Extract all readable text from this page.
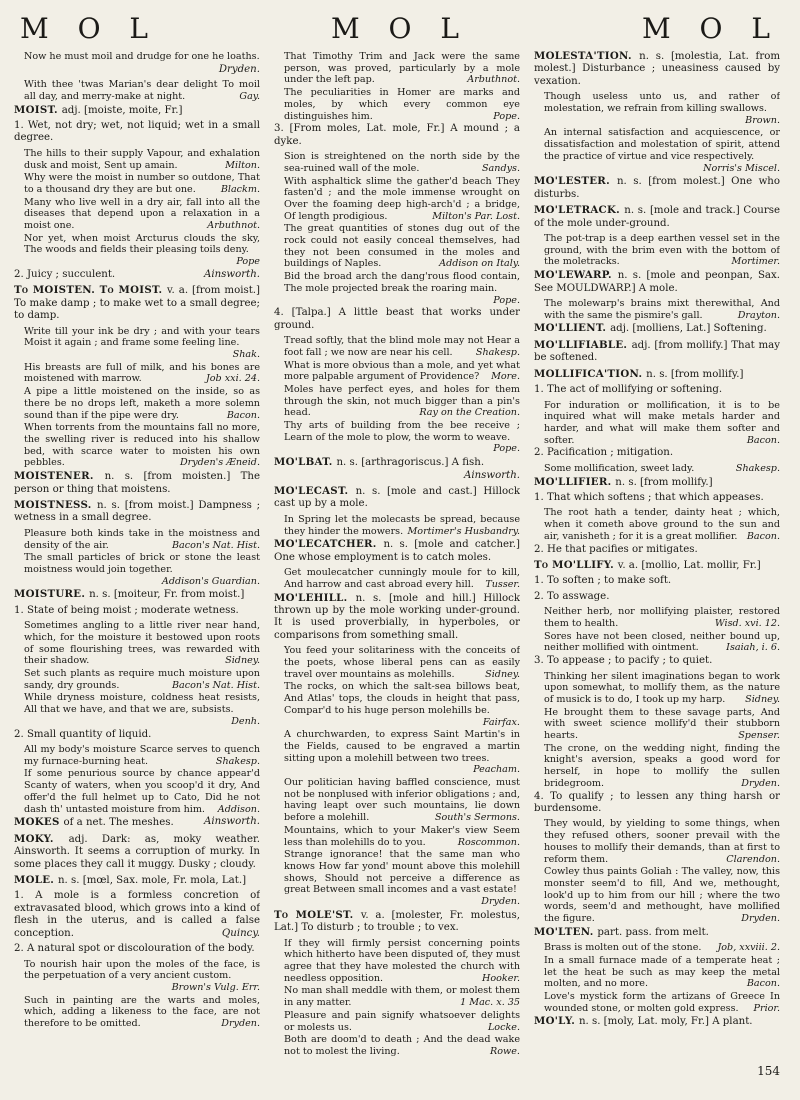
M O L	M O L	M O L
Now he must moil and drudge for one he loaths.
Dryden.
With thee 'twas Marian's dear delight To moil all day, and merry-make at night.	Gay.
MOIST. adj. [moiste, moite, Fr.]
1. Wet, not dry; wet, not liquid; wet in a small degree.
The hills to their supply Vapour, and exhalation dusk and moist, Sent up amain.	Milton.
Why were the moist in number so outdone, That to a thousand dry they are but one.	Blackm.
Many who live well in a dry air, fall into all the diseases that depend upon a relaxation in a moist one.	Arbuthnot.
Nor yet, when moist Arcturus clouds the sky, The woods and fields their pleasing toils deny.
Pope
2. Juicy ; succulent.	Ainsworth.
To MOISTEN. To MOIST. v. a. [from moist.] To make damp ; to make wet to a small degree; to damp.
Write till your ink be dry ; and with your tears Moist it again ; and frame some feeling line.
Shak.
His breasts are full of milk, and his bones are moistened with marrow.	Job xxi. 24.
A pipe a little moistened on the inside, so as there be no drops left, maketh a more solemn sound than if the pipe were dry.	Bacon.
When torrents from the mountains fall no more, the swelling river is reduced into his shallow bed, with scarce water to moisten his own pebbles.	Dryden's Æneid.
MOISTENER. n. s. [from moisten.] The person or thing that moistens.
MOISTNESS. n. s. [from moist.] Dampness ; wetness in a small degree.
Pleasure both kinds take in the moistness and density of the air.	Bacon's Nat. Hist.
The small particles of brick or stone the least moistness would join together.
Addison's Guardian.
MOISTURE. n. s. [moiteur, Fr. from moist.]
1. State of being moist ; moderate wetness.
Sometimes angling to a little river near hand, which, for the moisture it bestowed upon roots of some flourishing trees, was rewarded with their shadow.	Sidney.
Set such plants as require much moisture upon sandy, dry grounds.	Bacon's Nat. Hist.
While dryness moisture, coldness heat resists, All that we have, and that we are, subsists.
Denh.
2. Small quantity of liquid.
All my body's moisture Scarce serves to quench my furnace-burning heat.	Shakesp.
If some penurious source by chance appear'd Scanty of waters, when you scoop'd it dry, And offer'd the full helmet up to Cato, Did he not dash th' untasted moisture from him.	Addison.
MOKES of a net. The meshes.	Ainsworth.
MOKY. adj. Dark: as, moky weather. Ainsworth. It seems a corruption of murky. In some places they call it muggy. Dusky ; cloudy.
MOLE. n. s. [mœl, Sax. mole, Fr. mola, Lat.]
1. A mole is a formless concretion of extravasated blood, which grows into a kind of flesh in the uterus, and is called a false conception.	Quincy.
2. A natural spot or discolouration of the body.
To nourish hair upon the moles of the face, is the perpetuation of a very ancient custom.
Brown's Vulg. Err.
Such in painting are the warts and moles, which, adding a likeness to the face, are not therefore to be omitted.	Dryden.
That Timothy Trim and Jack were the same person, was proved, particularly by a mole under the left pap.	Arbuthnot.
The peculiarities in Homer are marks and moles, by which every common eye distinguishes him.	Pope.
3. [From moles, Lat. mole, Fr.] A mound ; a dyke.
Sion is streightened on the north side by the sea-ruined wall of the mole.	Sandys.
With asphaltick slime the gather'd beach They fasten'd ; and the mole immense wrought on Over the foaming deep high-arch'd ; a bridge, Of length prodigious.	Milton's Par. Lost.
The great quantities of stones dug out of the rock could not easily conceal themselves, had they not been consumed in the moles and buildings of Naples.	Addison on Italy.
Bid the broad arch the dang'rous flood contain, The mole projected break the roaring main.
Pope.
4. [Talpa.] A little beast that works under ground.
Tread softly, that the blind mole may not Hear a foot fall ; we now are near his cell.	Shakesp.
What is more obvious than a mole, and yet what more palpable argument of Providence?	More.
Moles have perfect eyes, and holes for them through the skin, not much bigger than a pin's head.	Ray on the Creation.
Thy arts of building from the bee receive ; Learn of the mole to plow, the worm to weave.
Pope.
MO'LBAT. n. s. [arthragoriscus.] A fish.
Ainsworth.
MO'LECAST. n. s. [mole and cast.] Hillock cast up by a mole.
In Spring let the molecasts be spread, because they hinder the mowers. Mortimer's Husbandry.
MO'LECATCHER. n. s. [mole and catcher.] One whose employment is to catch moles.
Get moulecatcher cunningly moule for to kill, And harrow and cast abroad every hill.	Tusser.
MO'LEHILL. n. s. [mole and hill.] Hillock thrown up by the mole working under-ground. It is used proverbially, in hyperboles, or comparisons from something small.
You feed your solitariness with the conceits of the poets, whose liberal pens can as easily travel over mountains as molehills.	Sidney.
The rocks, on which the salt-sea billows beat, And Atlas' tops, the clouds in height that pass, Compar'd to his huge person molehills be.
Fairfax.
A churchwarden, to express Saint Martin's in the Fields, caused to be engraved a martin sitting upon a molehill between two trees.
Peacham.
Our politician having baffled conscience, must not be nonplused with inferior obligations ; and, having leapt over such mountains, lie down before a molehill.	South's Sermons.
Mountains, which to your Maker's view Seem less than molehills do to you.	Roscommon.
Strange ignorance! that the same man who knows How far yond' mount above this molehill shows, Should not perceive a difference as great Between small incomes and a vast estate!
Dryden.
To MOLE'ST. v. a. [molester, Fr. molestus, Lat.] To disturb ; to trouble ; to vex.
If they will firmly persist concerning points which hitherto have been disputed of, they must agree that they have molested the church with needless opposition.	Hooker.
No man shall meddle with them, or molest them in any matter.	1 Mac. x. 35
Pleasure and pain signify whatsoever delights or molests us.	Locke.
Both are doom'd to death ; And the dead wake not to molest the living.	Rowe.
MOLESTA'TION. n. s. [molestia, Lat. from molest.] Disturbance ; uneasiness caused by vexation.
Though useless unto us, and rather of molestation, we refrain from killing swallows.
Brown.
An internal satisfaction and acquiescence, or dissatisfaction and molestation of spirit, attend the practice of virtue and vice respectively.
Norris's Miscel.
MO'LESTER. n. s. [from molest.] One who disturbs.
MO'LETRACK. n. s. [mole and track.] Course of the mole under-ground.
The pot-trap is a deep earthen vessel set in the ground, with the brim even with the bottom of the moletracks.	Mortimer.
MO'LEWARP. n. s. [mole and peonpan, Sax. See MOULDWARP.] A mole.
The molewarp's brains mixt therewithal, And with the same the pismire's gall.	Drayton.
MO'LLIENT. adj. [molliens, Lat.] Softening.
MO'LLIFIABLE. adj. [from mollify.] That may be softened.
MOLLIFICA'TION. n. s. [from mollify.]
1. The act of mollifying or softening.
For induration or mollification, it is to be inquired what will make metals harder and harder, and what will make them softer and softer.	Bacon.
2. Pacification ; mitigation.
Some mollification, sweet lady.	Shakesp.
MO'LLIFIER. n. s. [from mollify.]
1. That which softens ; that which appeases.
The root hath a tender, dainty heat ; which, when it cometh above ground to the sun and air, vanisheth ; for it is a great mollifier. Bacon.
2. He that pacifies or mitigates.
To MO'LLIFY. v. a. [mollio, Lat. mollir, Fr.]
1. To soften ; to make soft.
2. To asswage.
Neither herb, nor mollifying plaister, restored them to health.	Wisd. xvi. 12.
Sores have not been closed, neither bound up, neither mollified with ointment.	Isaiah, i. 6.
3. To appease ; to pacify ; to quiet.
Thinking her silent imaginations began to work upon somewhat, to mollify them, as the nature of musick is to do, I took up my harp.	Sidney.
He brought them to these savage parts, And with sweet science mollify'd their stubborn hearts.	Spenser.
The crone, on the wedding night, finding the knight's aversion, speaks a good word for herself, in hope to mollify the sullen bridegroom.	Dryden.
4. To qualify ; to lessen any thing harsh or burdensome.
They would, by yielding to some things, when they refused others, sooner prevail with the houses to mollify their demands, than at first to reform them.	Clarendon.
Cowley thus paints Goliah : The valley, now, this monster seem'd to fill, And we, methought, look'd up to him from our hill ; where the two words, seem'd and methought, have mollified the figure.	Dryden.
MO'LTEN. part. pass. from melt.
Brass is molten out of the stone.	Job, xxviii. 2.
In a small furnace made of a temperate heat ; let the heat be such as may keep the metal molten, and no more.	Bacon.
Love's mystick form the artizans of Greece In wounded stone, or molten gold express.	Prior.
MO'LY. n. s. [moly, Lat. moly, Fr.] A plant.
154
